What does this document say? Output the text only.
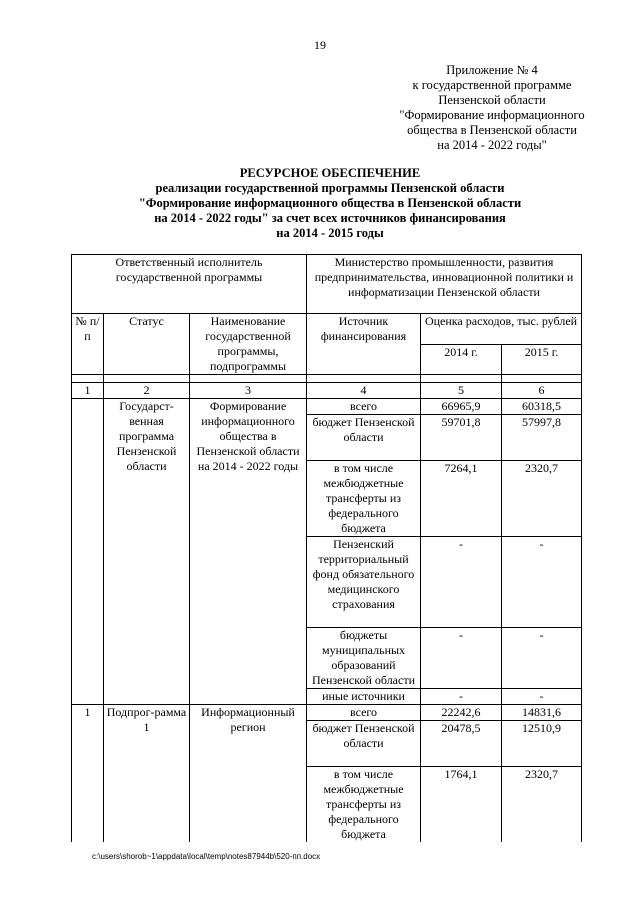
19
Приложение № 4
к государственной программе
Пензенской области
"Формирование информационного
общества в Пензенской области
на 2014 - 2022 годы"
РЕСУРСНОЕ ОБЕСПЕЧЕНИЕ
реализации государственной программы Пензенской области
"Формирование информационного общества в Пензенской области
на 2014 - 2022 годы" за счет всех источников финансирования
на 2014 - 2015 годы
Ответственный исполнитель государственной программы			Министерство промышленности, развития предпринимательства, инновационной политики и информатизации Пензенской области		
№ п/п	Статус	Наименование государственной программы, подпрограммы	Источник финансирования	Оценка расходов, тыс. рублей	
				2014 г.	2015 г.

1	2	3	4	5	6
	Государст-венная программа Пензенской области	Формирование информационного общества в Пензенской области на 2014 - 2022 годы	всего	66965,9	60318,5
			бюджет Пензенской области	59701,8	57997,8
			в том числе межбюджетные трансферты из федерального бюджета	7264,1	2320,7
			Пензенский территориальный фонд обязательного медицинского страхования	-	-
			бюджеты муниципальных образований Пензенской области	-	-
			иные источники	-	-
1	Подпрог-рамма 1	Информационный регион	всего	22242,6	14831,6
			бюджет Пензенской области	20478,5	12510,9
			в том числе межбюджетные трансферты из федерального бюджета	1764,1	2320,7
c:\users\shorob~1\appdata\local\temp\notes87944b\520-пп.docx
